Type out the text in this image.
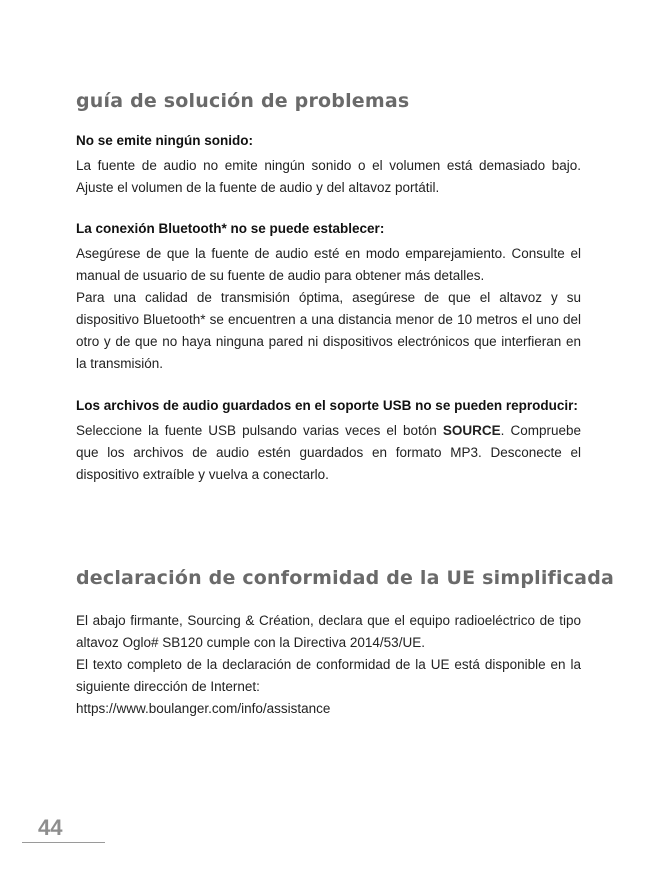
guía de solución de problemas
No se emite ningún sonido:

La fuente de audio no emite ningún sonido o el volumen está demasiado bajo. Ajuste el volumen de la fuente de audio y del altavoz portátil.

La conexión Bluetooth* no se puede establecer:

Asegúrese de que la fuente de audio esté en modo emparejamiento. Consulte el manual de usuario de su fuente de audio para obtener más detalles.

Para una calidad de transmisión óptima, asegúrese de que el altavoz y su dispositivo Bluetooth* se encuentren a una distancia menor de 10 metros el uno del otro y de que no haya ninguna pared ni dispositivos electrónicos que interfieran en la transmisión.

Los archivos de audio guardados en el soporte USB no se pueden reproducir:

Seleccione la fuente USB pulsando varias veces el botón SOURCE. Compruebe que los archivos de audio estén guardados en formato MP3. Desconecte el dispositivo extraíble y vuelva a conectarlo.

declaración de conformidad de la UE simplificada

El abajo firmante, Sourcing & Création, declara que el equipo radioeléctrico de tipo altavoz Oglo# SB120 cumple con la Directiva 2014/53/UE.

El texto completo de la declaración de conformidad de la UE está disponible en la siguiente dirección de Internet:

https://www.boulanger.com/info/assistance

44
